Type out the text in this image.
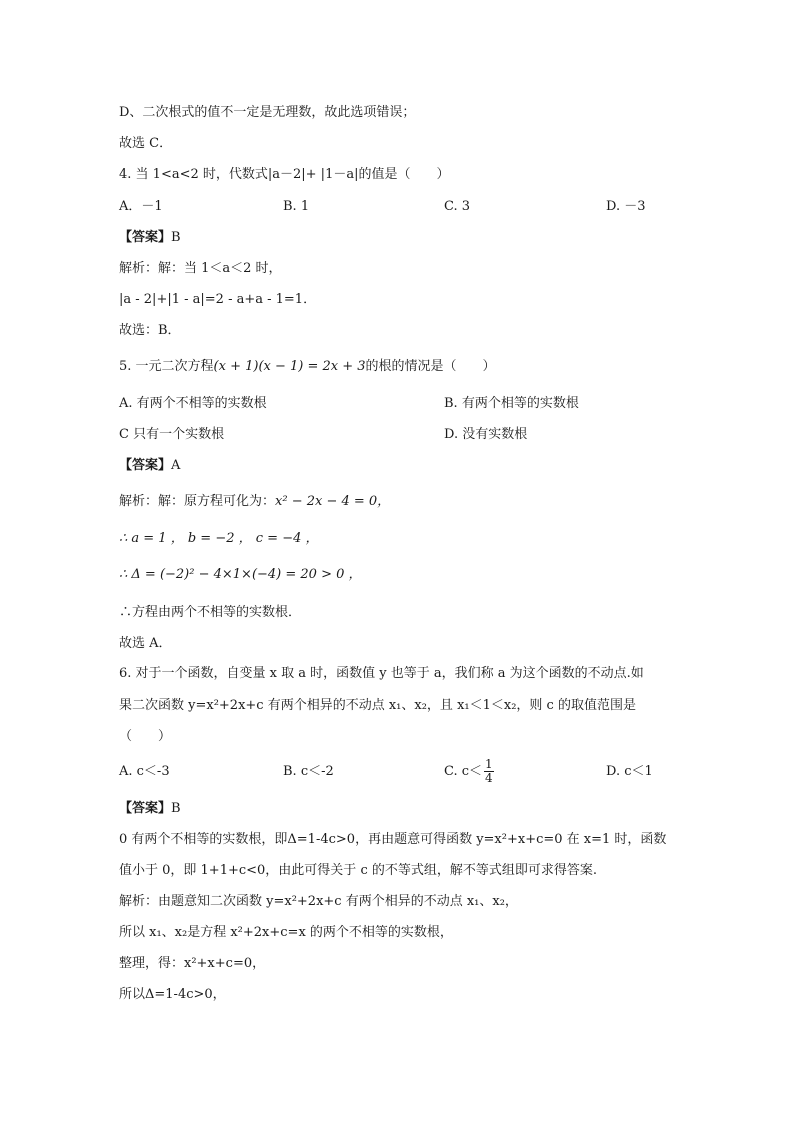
D、二次根式的值不一定是无理数，故此选项错误；
故选 C．
4. 当 1<a<2 时，代数式|a－2|+ |1－a|的值是（　　）
A．－1	B. 1	C. 3	D. －3
【答案】B
解析：解：当 1＜a＜2 时，
|a - 2|+|1 - a|=2 - a+a - 1=1．
故选：B．
5. 一元二次方程(x + 1)(x − 1) = 2x + 3的根的情况是（　　）
A. 有两个不相等的实数根	B. 有两个相等的实数根
C 只有一个实数根	D. 没有实数根
【答案】A
解析：解：原方程可化为：x² − 2x − 4 = 0，
∴ a = 1 ， b = −2 ， c = −4 ，
∴ Δ = (−2)² − 4×1×(−4) = 20 > 0 ，
∴方程由两个不相等的实数根．
故选 A．
6. 对于一个函数，自变量 x 取 a 时，函数值 y 也等于 a，我们称 a 为这个函数的不动点.如
果二次函数 y=x²+2x+c 有两个相异的不动点 x₁、x₂，且 x₁＜1＜x₂，则 c 的取值范围是
（　　）
A. c＜-3	B. c＜-2	C. $c< \frac{1}{4}$	D. c＜1
【答案】B
0 有两个不相等的实数根，即Δ=1-4c>0，再由题意可得函数 y=x²+x+c=0 在 x=1 时，函数
值小于 0，即 1+1+c<0，由此可得关于 c 的不等式组，解不等式组即可求得答案.
解析：由题意知二次函数 y=x²+2x+c 有两个相异的不动点 x₁、x₂，
所以 x₁、x₂是方程 x²+2x+c=x 的两个不相等的实数根，
整理，得：x²+x+c=0，
所以Δ=1-4c>0，
